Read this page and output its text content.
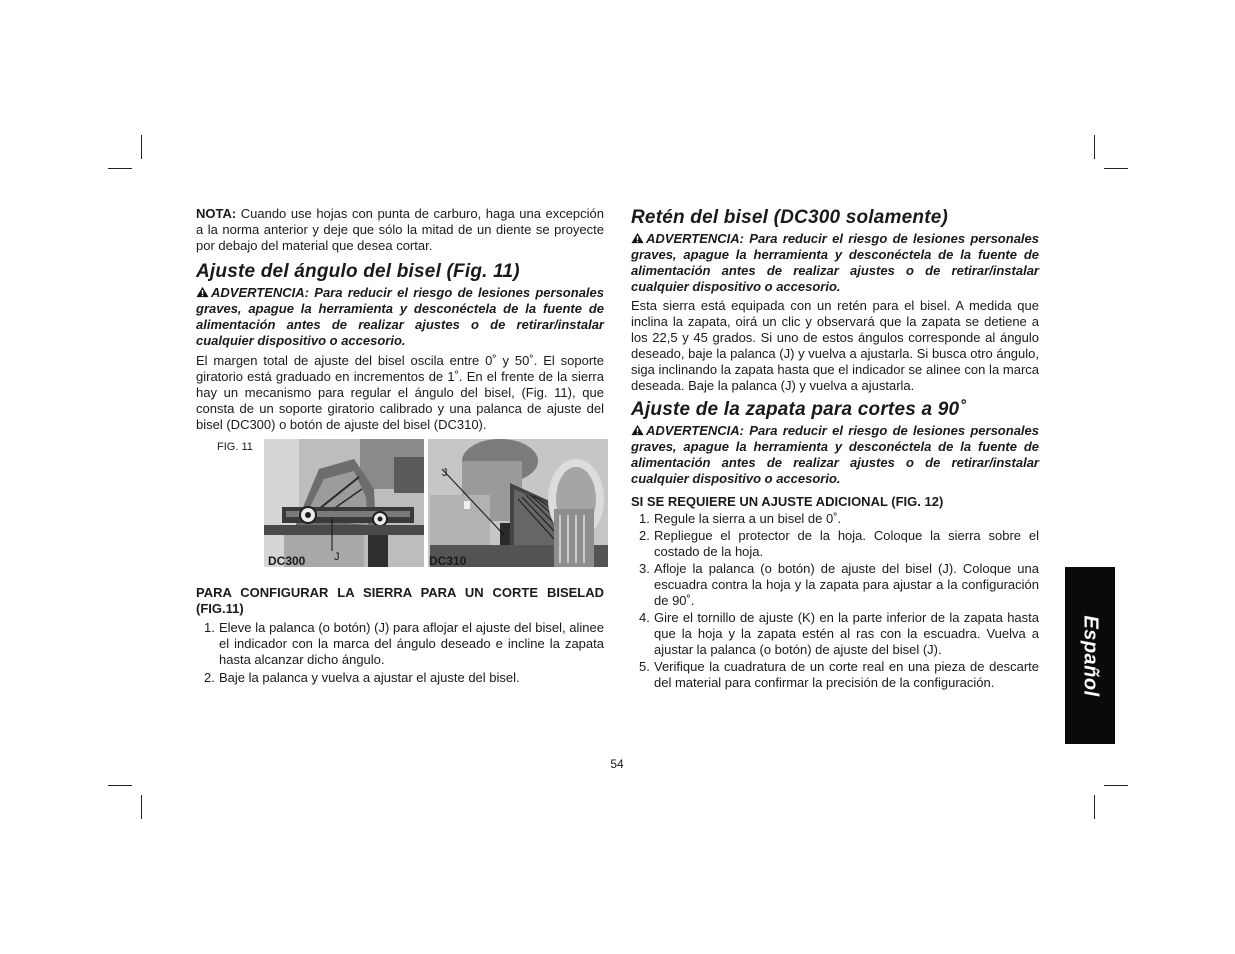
NOTA: Cuando use hojas con punta de carburo, haga una excepción a la norma anterior y deje que sólo la mitad de un diente se proyecte por debajo del material que desea cortar.

Ajuste del ángulo del bisel (Fig. 11)

ADVERTENCIA: Para reducir el riesgo de lesiones personales graves, apague la herramienta y desconéctela de la fuente de alimentación antes de realizar ajustes o de retirar/instalar cualquier dispositivo o accesorio.

El margen total de ajuste del bisel oscila entre 0˚ y 50˚. El soporte giratorio está graduado en incrementos de 1˚. En el frente de la sierra hay un mecanismo para regular el ángulo del bisel, (Fig. 11), que consta de un soporte giratorio calibrado y una palanca de ajuste del bisel (DC300) o botón de ajuste del bisel (DC310).

FIG. 11
J
J
DC300	DC310

PARA CONFIGURAR LA SIERRA PARA UN CORTE BISELAD (FIG.11)

1. Eleve la palanca (o botón) (J) para aflojar el ajuste del bisel, alinee el indicador con la marca del ángulo deseado e incline la zapata hasta alcanzar dicho ángulo.
2. Baje la palanca y vuelva a ajustar el ajuste del bisel.
Retén del bisel (DC300 solamente)

ADVERTENCIA: Para reducir el riesgo de lesiones personales graves, apague la herramienta y desconéctela de la fuente de alimentación antes de realizar ajustes o de retirar/instalar cualquier dispositivo o accesorio.

Esta sierra está equipada con un retén para el bisel. A medida que inclina la zapata, oirá un clic y observará que la zapata se detiene a los 22,5 y 45 grados. Si uno de estos ángulos corresponde al ángulo deseado, baje la palanca (J) y vuelva a ajustarla. Si busca otro ángulo, siga inclinando la zapata hasta que el indicador se alinee con la marca deseada. Baje la palanca (J) y vuelva a ajustarla.

Ajuste de la zapata para cortes a 90˚

ADVERTENCIA: Para reducir el riesgo de lesiones personales graves, apague la herramienta y desconéctela de la fuente de alimentación antes de realizar ajustes o de retirar/instalar cualquier dispositivo o accesorio.

SI SE REQUIERE UN AJUSTE ADICIONAL (FIG. 12)

1. Regule la sierra a un bisel de 0˚.
2. Repliegue el protector de la hoja. Coloque la sierra sobre el costado de la hoja.
3. Afloje la palanca (o botón) de ajuste del bisel (J). Coloque una escuadra contra la hoja y la zapata para ajustar a la configuración de 90˚.
4. Gire el tornillo de ajuste (K) en la parte inferior de la zapata hasta que la hoja y la zapata estén al ras con la escuadra. Vuelva a ajustar la palanca (o botón) de ajuste del bisel (J).
5. Verifique la cuadratura de un corte real en una pieza de descarte del material para confirmar la precisión de la configuración.	Español
54
